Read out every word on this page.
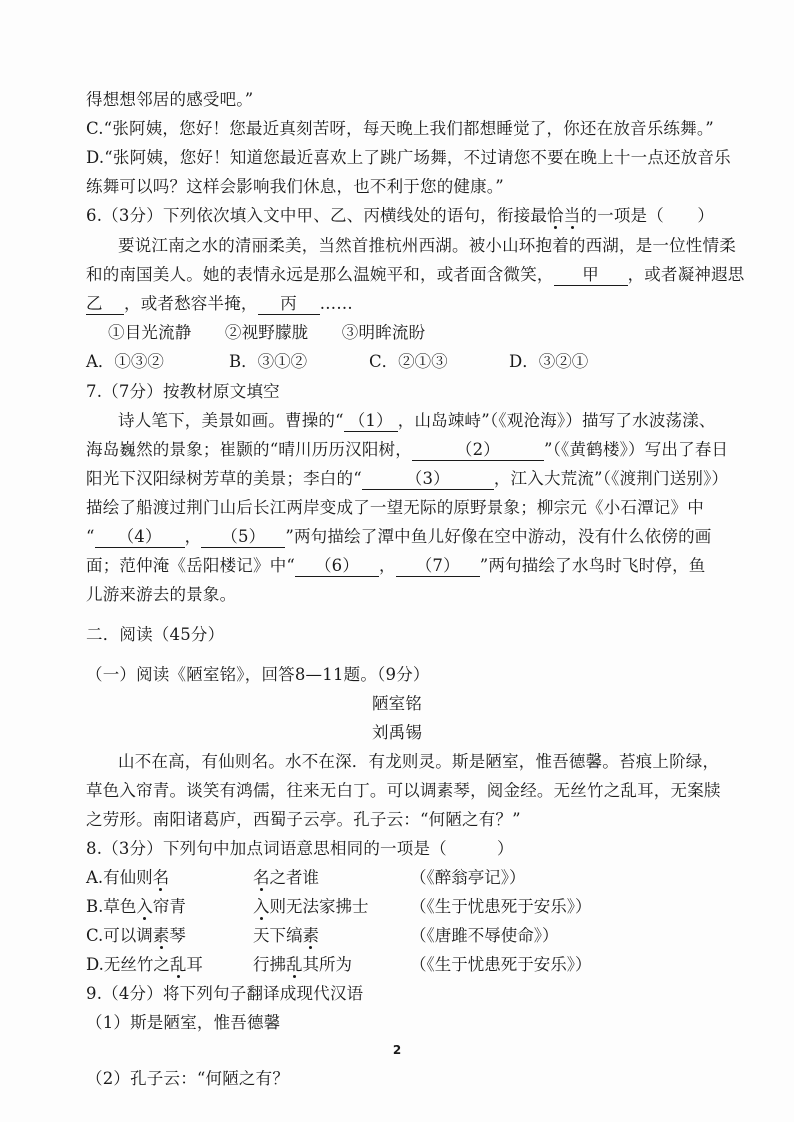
得想想邻居的感受吧。”
C.“张阿姨，您好！您最近真刻苦呀，每天晚上我们都想睡觉了，你还在放音乐练舞。”
D.“张阿姨，您好！知道您最近喜欢上了跳广场舞，不过请您不要在晚上十一点还放音乐
练舞可以吗？这样会影响我们休息，也不利于您的健康。”
6.（3分）下列依次填入文中甲、乙、丙横线处的语句，衔接最恰当的一项是（　　）
要说江南之水的清丽柔美，当然首推杭州西湖。被小山环抱着的西湖，是一位性情柔
和的南国美人。她的表情永远是那么温婉平和，或者面含微笑， 甲 ，或者凝神遐思
乙 ，或者愁容半掩， 丙 ……
①目光流静　　②视野朦胧　　③明眸流盼
A．①③②	B．③①②	C．②①③	D．③②①
7.（7分）按教材原文填空
诗人笔下，美景如画。曹操的“ （1） ，山岛竦峙”（《观沧海》）描写了水波荡漾、
海岛巍然的景象；崔颢的“晴川历历汉阳树，	（2）	”（《黄鹤楼》）写出了春日
阳光下汉阳绿树芳草的美景；李白的“	（3）	，江入大荒流”（《渡荆门送别》）
描绘了船渡过荆门山后长江两岸变成了一望无际的原野景象；柳宗元《小石潭记》中
“ （4） ， （5） ”两句描绘了潭中鱼儿好像在空中游动，没有什么依傍的画
面；范仲淹《岳阳楼记》中“ （6） ， （7） ”两句描绘了水鸟时飞时停，鱼
儿游来游去的景象。
二．阅读（45分）
（一）阅读《陋室铭》，回答8—11题。（9分）
陋室铭
刘禹锡
山不在高，有仙则名。水不在深．有龙则灵。斯是陋室，惟吾德馨。苔痕上阶绿，
草色入帘青。谈笑有鸿儒，往来无白丁。可以调素琴，阅金经。无丝竹之乱耳，无案牍
之劳形。南阳诸葛庐，西蜀子云亭。孔子云：“何陋之有？”
8.（3分）下列句中加点词语意思相同的一项是（　　　）
A.有仙则名	名之者谁	（《醉翁亭记》）
B.草色入帘青	入则无法家拂士	（《生于忧患死于安乐》）
C.可以调素琴	天下缟素	（《唐雎不辱使命》）
D.无丝竹之乱耳	行拂乱其所为	（《生于忧患死于安乐》）
9.（4分）将下列句子翻译成现代汉语
（1）斯是陋室，惟吾德馨
2
（2）孔子云：“何陋之有？
